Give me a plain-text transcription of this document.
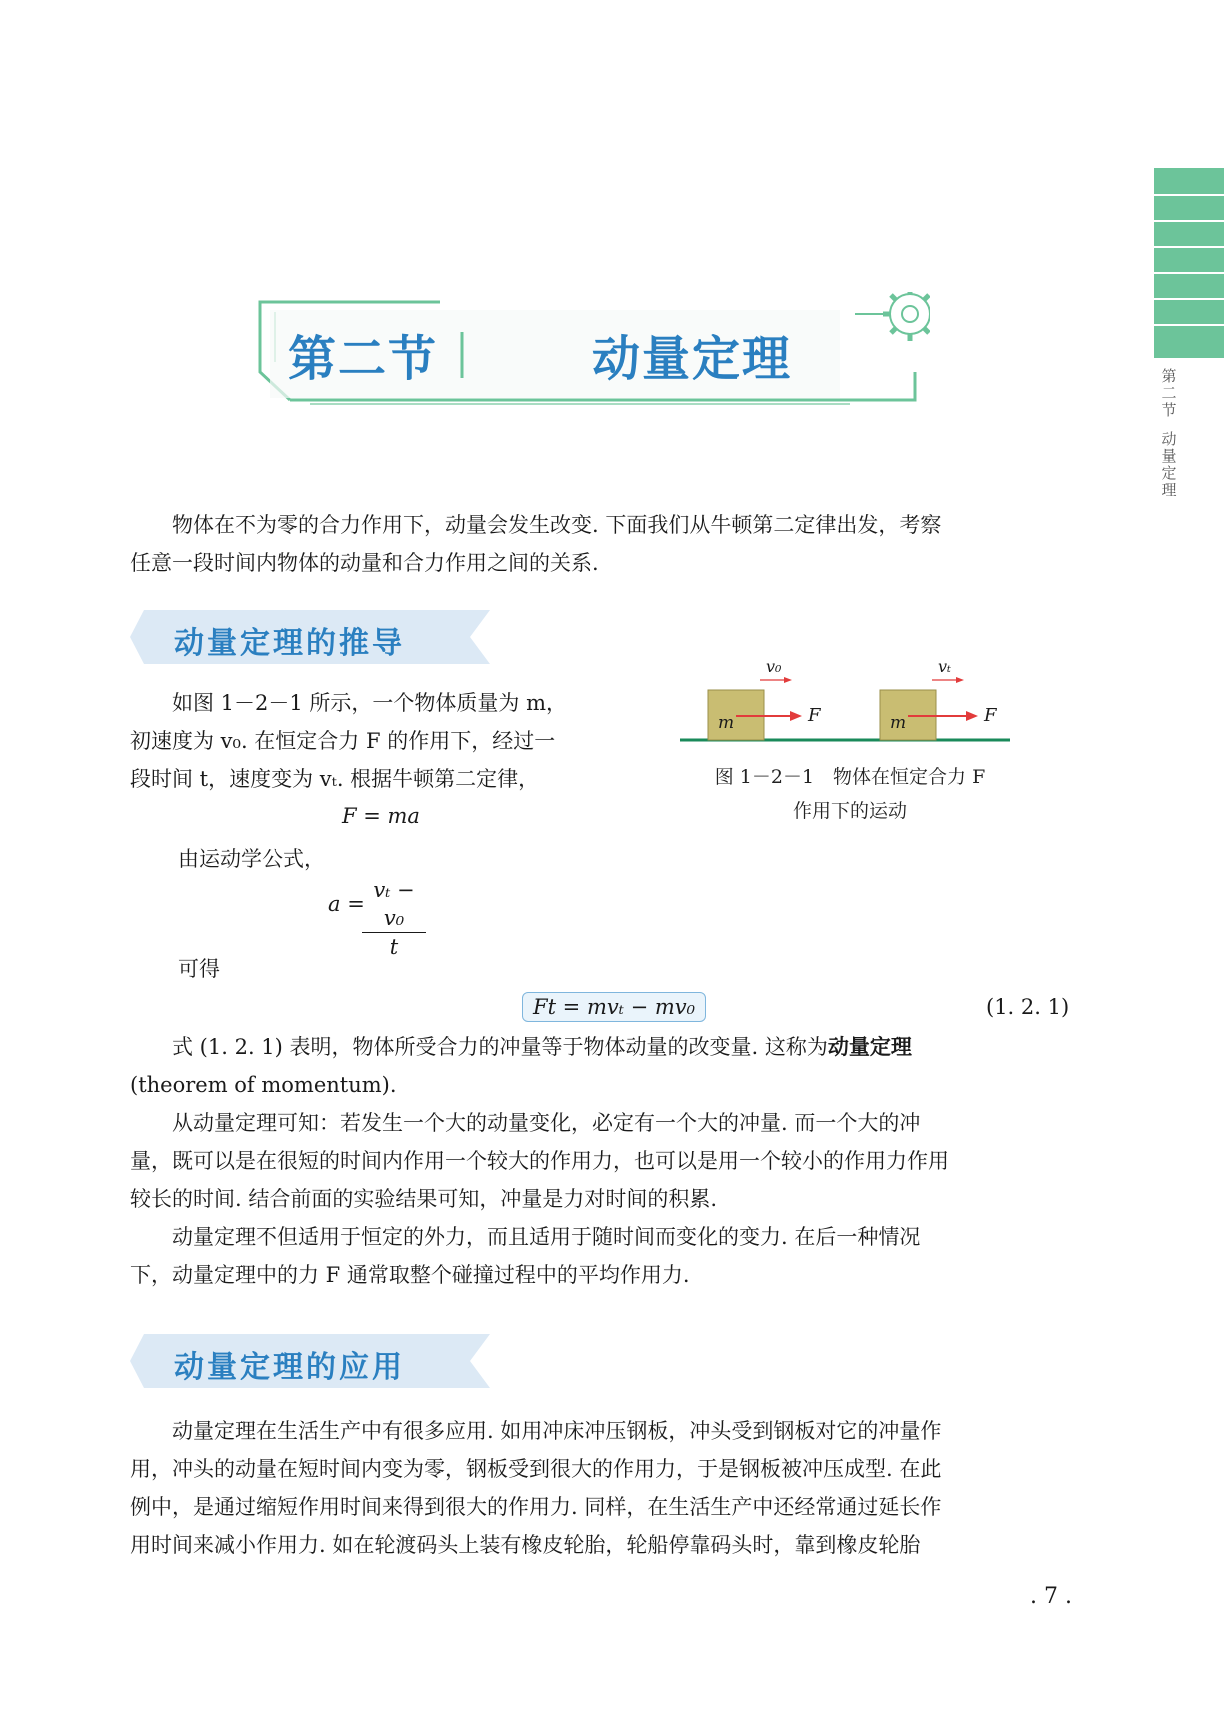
第
二
节
动
量
定
理
第二节	动量定理
物体在不为零的合力作用下，动量会发生改变. 下面我们从牛顿第二定律出发，考察
任意一段时间内物体的动量和合力作用之间的关系.
动量定理的推导
如图 1－2－1 所示，一个物体质量为 m，
初速度为 v₀. 在恒定合力 F 的作用下，经过一
段时间 t，速度变为 vₜ. 根据牛顿第二定律，
F = ma
由运动学公式，
a =
$\frac{\text{vₜ − v₀}}{t}$
可得
Ft = mvₜ − mv₀	(1. 2. 1)
式 (1. 2. 1) 表明，物体所受合力的冲量等于物体动量的改变量. 这称为动量定理
(theorem of momentum).
从动量定理可知：若发生一个大的动量变化，必定有一个大的冲量. 而一个大的冲
量，既可以是在很短的时间内作用一个较大的作用力，也可以是用一个较小的作用力作用
较长的时间. 结合前面的实验结果可知，冲量是力对时间的积累.
动量定理不但适用于恒定的外力，而且适用于随时间而变化的变力. 在后一种情况
下，动量定理中的力 F 通常取整个碰撞过程中的平均作用力.
m	m
F	F
v₀	vₜ
图 1－2－1　物体在恒定合力 F
作用下的运动
动量定理的应用
动量定理在生活生产中有很多应用. 如用冲床冲压钢板，冲头受到钢板对它的冲量作
用，冲头的动量在短时间内变为零，钢板受到很大的作用力，于是钢板被冲压成型. 在此
例中，是通过缩短作用时间来得到很大的作用力. 同样，在生活生产中还经常通过延长作
用时间来减小作用力. 如在轮渡码头上装有橡皮轮胎，轮船停靠码头时，靠到橡皮轮胎
. 7 .
